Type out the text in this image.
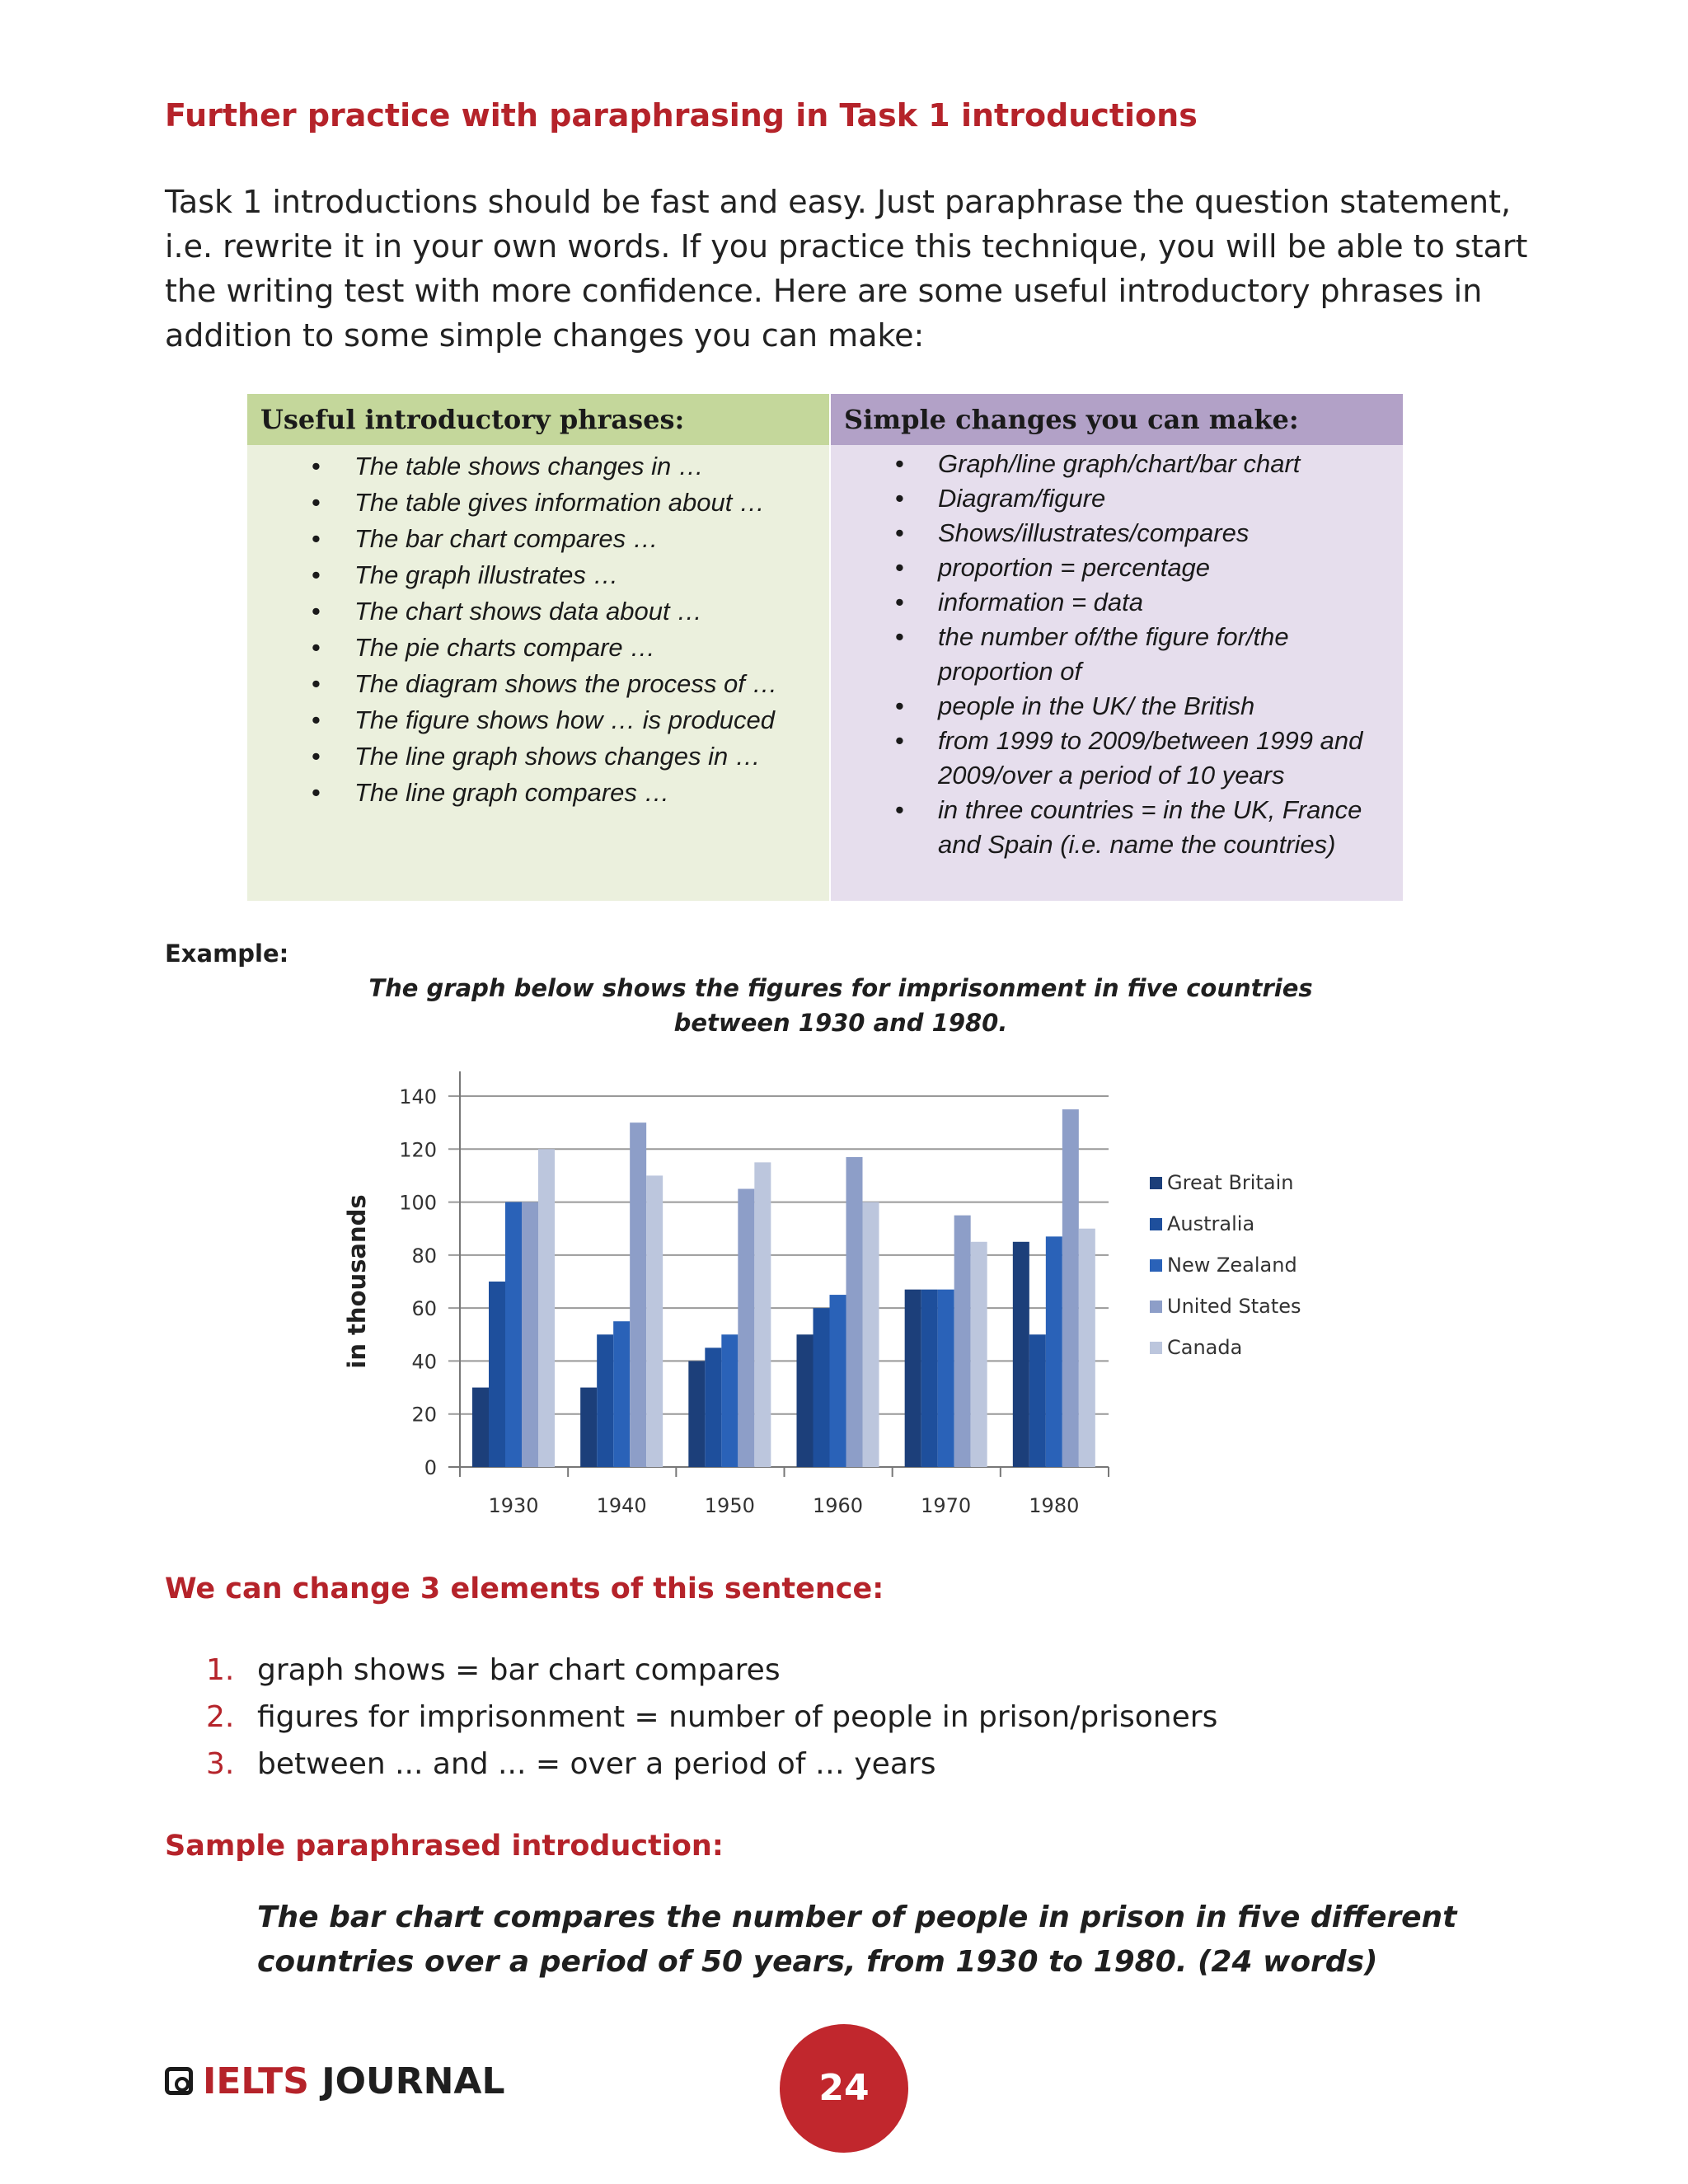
Further practice with paraphrasing in Task 1 introductions
Task 1 introductions should be fast and easy. Just paraphrase the question statement, i.e. rewrite it in your own words. If you practice this technique, you will be able to start the writing test with more confidence. Here are some useful introductory phrases in addition to some simple changes you can make:
Useful introductory phrases:
• The table shows changes in …
• The table gives information about …
• The bar chart compares …
• The graph illustrates …
• The chart shows data about …
• The pie charts compare …
• The diagram shows the process of …
• The figure shows how … is produced
• The line graph shows changes in …
• The line graph compares …
Simple changes you can make:
• Graph/line graph/chart/bar chart
• Diagram/figure
• Shows/illustrates/compares
• proportion = percentage
• information = data
• the number of/the figure for/the proportion of
• people in the UK/ the British
• from 1999 to 2009/between 1999 and 2009/over a period of 10 years
• in three countries = in the UK, France and Spain (i.e. name the countries)
Example:
The graph below shows the figures for imprisonment in five countries
between 1930 and 1980.
0
20
40
60
80
100
120
140
in thousands
1930	1940	1950	1960	1970	1980
Great Britain
Australia
New Zealand
United States
Canada
We can change 3 elements of this sentence:
1. graph shows = bar chart compares
2. figures for imprisonment = number of people in prison/prisoners
3. between ... and ... = over a period of … years
Sample paraphrased introduction:
The bar chart compares the number of people in prison in five different countries over a period of 50 years, from 1930 to 1980. (24 words)
IELTS JOURNAL	24
